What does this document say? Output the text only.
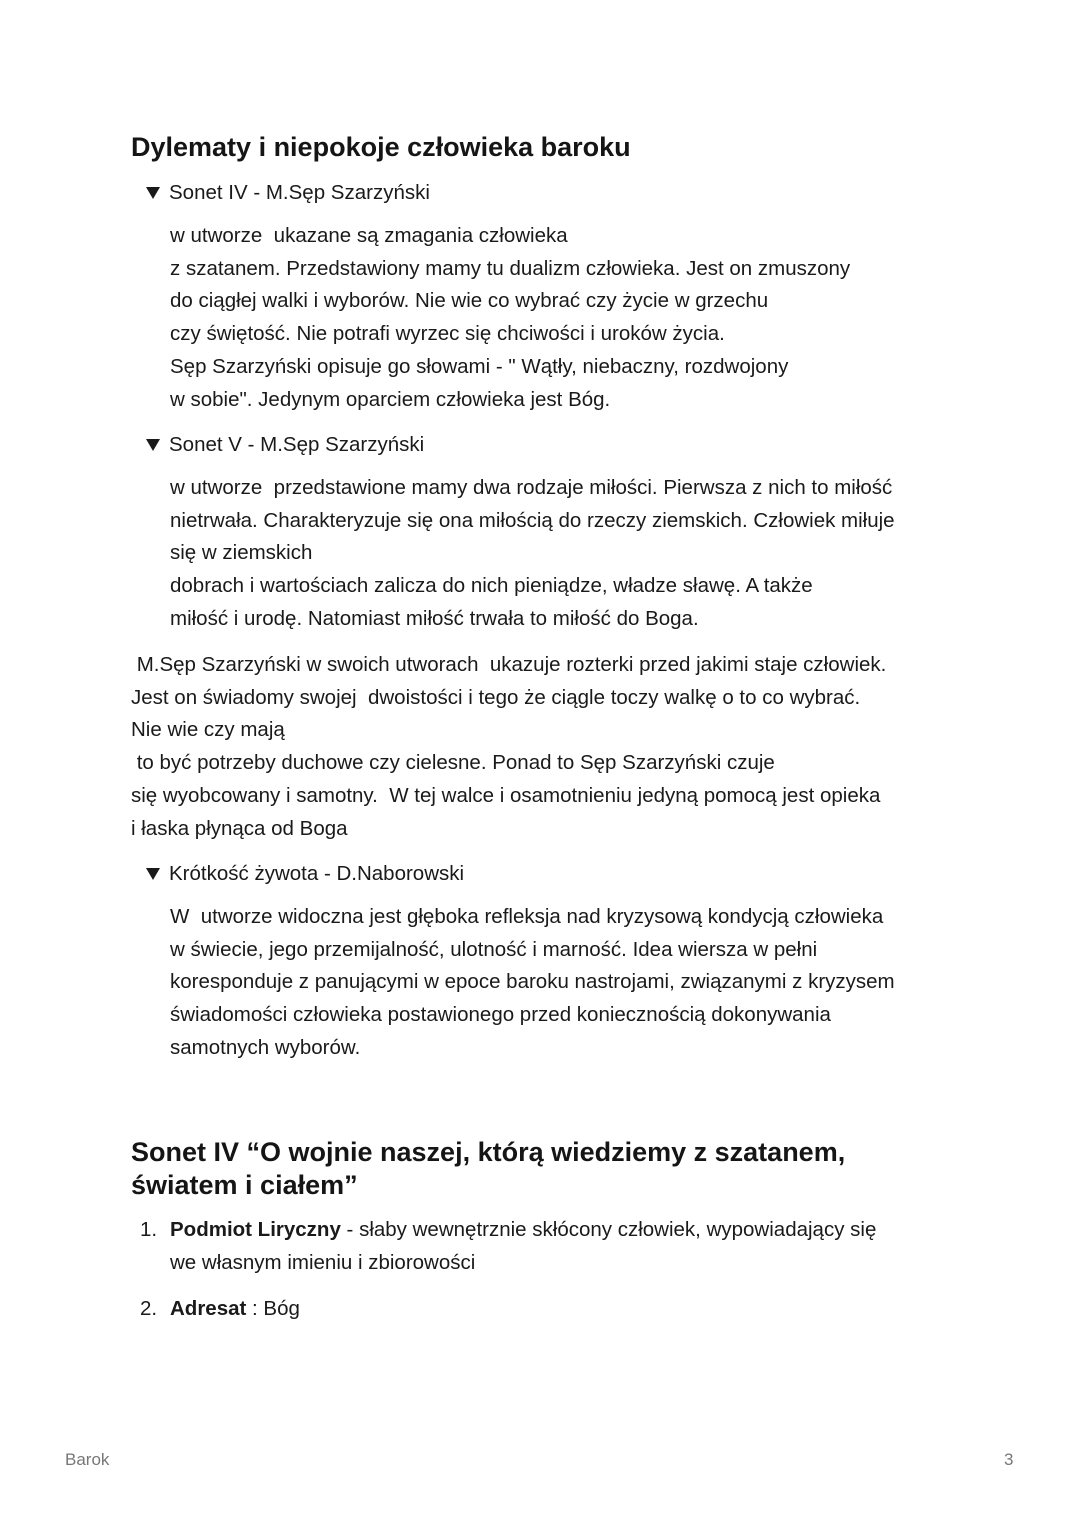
Dylematy i niepokoje człowieka baroku
Sonet IV - M.Sęp Szarzyński
w utworze  ukazane są zmagania człowieka
z szatanem. Przedstawiony mamy tu dualizm człowieka. Jest on zmuszony
do ciągłej walki i wyborów. Nie wie co wybrać czy życie w grzechu
czy świętość. Nie potrafi wyrzec się chciwości i uroków życia.
Sęp Szarzyński opisuje go słowami - " Wątły, niebaczny, rozdwojony
w sobie". Jedynym oparciem człowieka jest Bóg.
Sonet V - M.Sęp Szarzyński
w utworze  przedstawione mamy dwa rodzaje miłości. Pierwsza z nich to miłość
nietrwała. Charakteryzuje się ona miłością do rzeczy ziemskich. Człowiek miłuje
się w ziemskich
dobrach i wartościach zalicza do nich pieniądze, władze sławę. A także
miłość i urodę. Natomiast miłość trwała to miłość do Boga.
M.Sęp Szarzyński w swoich utworach  ukazuje rozterki przed jakimi staje człowiek.
Jest on świadomy swojej  dwoistości i tego że ciągle toczy walkę o to co wybrać.
Nie wie czy mają
to być potrzeby duchowe czy cielesne. Ponad to Sęp Szarzyński czuje
się wyobcowany i samotny.  W tej walce i osamotnieniu jedyną pomocą jest opieka
i łaska płynąca od Boga
Krótkość żywota - D.Naborowski
W  utworze widoczna jest głęboka refleksja nad kryzysową kondycją człowieka
w świecie, jego przemijalność, ulotność i marność. Idea wiersza w pełni
koresponduje z panującymi w epoce baroku nastrojami, związanymi z kryzysem
świadomości człowieka postawionego przed koniecznością dokonywania
samotnych wyborów.
Sonet IV “O wojnie naszej, którą wiedziemy z szatanem,
światem i ciałem”
1. Podmiot Liryczny - słaby wewnętrznie skłócony człowiek, wypowiadający się
we własnym imieniu i zbiorowości
2. Adresat : Bóg
Barok	3
